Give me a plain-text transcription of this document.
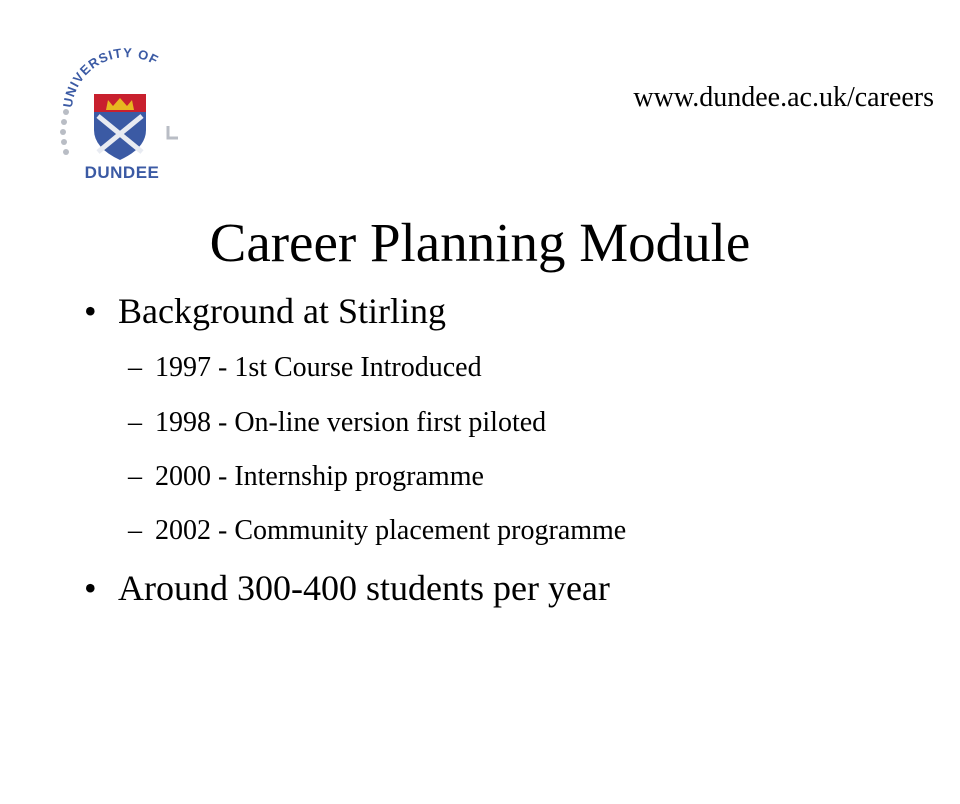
UNIVERSITY OF
DUNDEE
www.dundee.ac.uk/careers
Career Planning Module
• Background at Stirling
– 1997 - 1st Course Introduced
– 1998 - On-line version first piloted
– 2000 - Internship programme
– 2002 - Community placement programme
• Around 300-400 students per year
